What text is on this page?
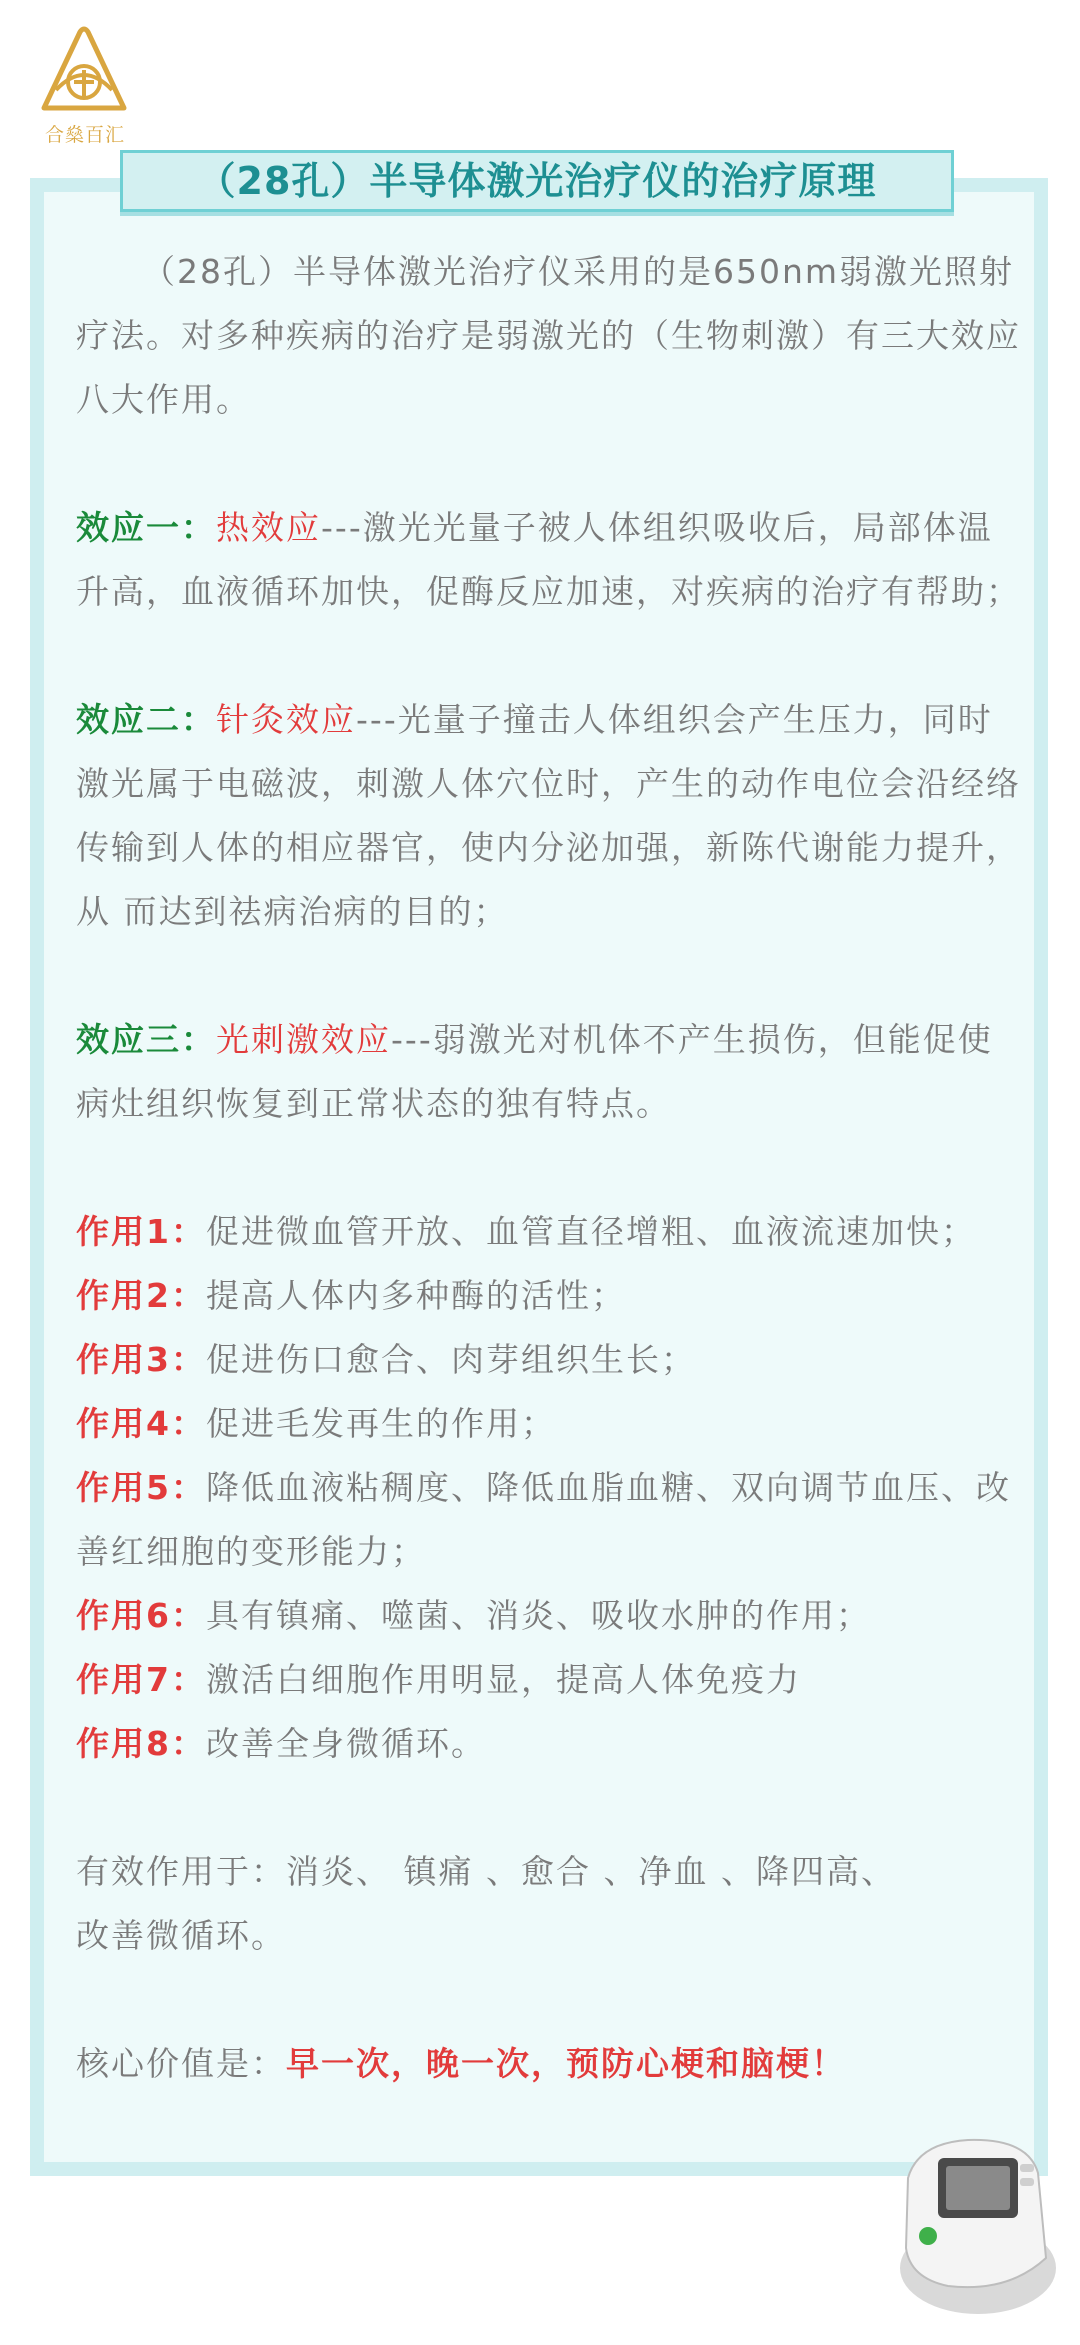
合燊百汇
（28孔）半导体激光治疗仪的治疗原理

（28孔）半导体激光治疗仪采用的是650nm弱激光照射疗法。对多种疾病的治疗是弱激光的（生物刺激）有三大效应八大作用。

效应一：热效应---激光光量子被人体组织吸收后，局部体温升高，血液循环加快，促酶反应加速，对疾病的治疗有帮助；

效应二：针灸效应---光量子撞击人体组织会产生压力，同时激光属于电磁波，刺激人体穴位时，产生的动作电位会沿经络传输到人体的相应器官，使内分泌加强，新陈代谢能力提升，从 而达到祛病治病的目的；

效应三：光刺激效应---弱激光对机体不产生损伤，但能促使病灶组织恢复到正常状态的独有特点。

作用1：促进微血管开放、血管直径增粗、血液流速加快；

作用2：提高人体内多种酶的活性；

作用3：促进伤口愈合、肉芽组织生长；

作用4：促进毛发再生的作用；

作用5：降低血液粘稠度、降低血脂血糖、双向调节血压、改善红细胞的变形能力；

作用6：具有镇痛、噬菌、消炎、吸收水肿的作用；

作用7：激活白细胞作用明显，提高人体免疫力

作用8：改善全身微循环。

有效作用于：消炎、 镇痛 、愈合 、净血 、降四高、

改善微循环。

核心价值是：早一次，晚一次，预防心梗和脑梗！
